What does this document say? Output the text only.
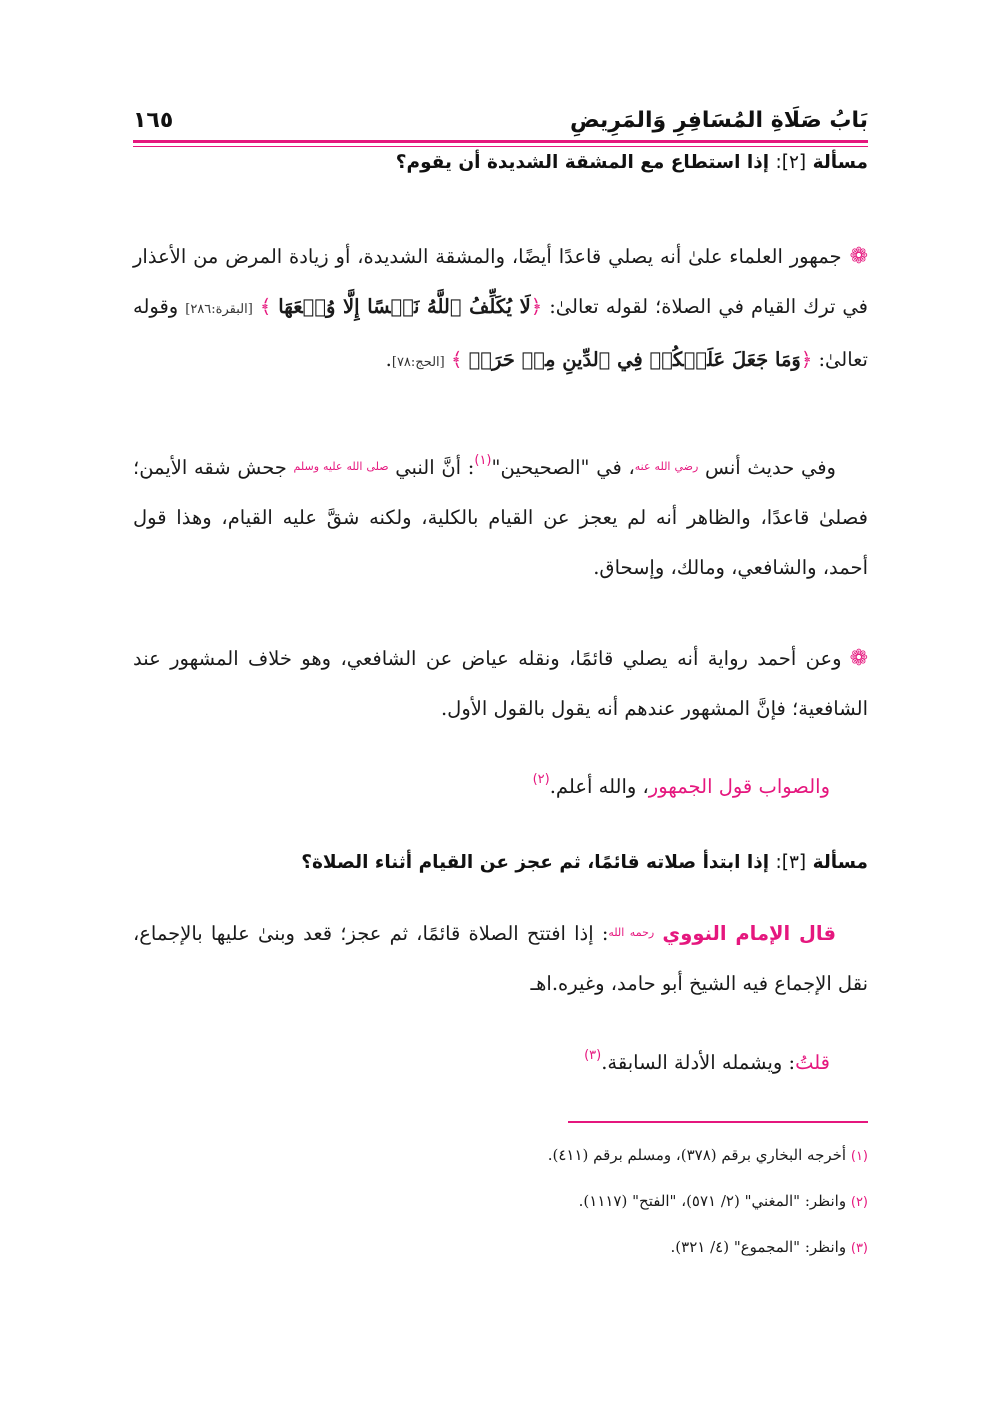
بَابُ صَلَاةِ المُسَافِرِ وَالمَرِيضِ
١٦٥
مسألة [٢]: إذا استطاع مع المشقة الشديدة أن يقوم؟
❁جمهور العلماء علىٰ أنه يصلي قاعدًا أيضًا، والمشقة الشديدة، أو زيادة المرض من الأعذار في ترك القيام في الصلاة؛ لقوله تعالىٰ: ﴿لَا يُكَلِّفُ ٱللَّهُ نَفۡسًا إِلَّا وُسۡعَهَا ﴾ [البقرة:٢٨٦] وقوله تعالىٰ: ﴿وَمَا جَعَلَ عَلَيۡكُمۡ فِي ٱلدِّينِ مِنۡ حَرَجٖ ﴾ [الحج:٧٨].
وفي حديث أنس $^{رضي الله عنه}$، في "الصحيحين"$^{(١)}$: أنَّ النبي $^{صلى الله عليه وسلم}$ جحش شقه الأيمن؛ فصلىٰ قاعدًا، والظاهر أنه لم يعجز عن القيام بالكلية، ولكنه شقَّ عليه القيام، وهذا قول أحمد، والشافعي، ومالك، وإسحاق.
❁وعن أحمد رواية أنه يصلي قائمًا، ونقله عياض عن الشافعي، وهو خلاف المشهور عند الشافعية؛ فإنَّ المشهور عندهم أنه يقول بالقول الأول.
والصواب قول الجمهور، والله أعلم.$^{(٢)}$
مسألة [٣]: إذا ابتدأ صلاته قائمًا، ثم عجز عن القيام أثناء الصلاة؟
قال الإمام النووي $^{رحمه الله}$: إذا افتتح الصلاة قائمًا، ثم عجز؛ قعد وبنىٰ عليها بالإجماع، نقل الإجماع فيه الشيخ أبو حامد، وغيره.اهـ
قلتُ: ويشمله الأدلة السابقة.$^{(٣)}$
(١) أخرجه البخاري برقم (٣٧٨)، ومسلم برقم (٤١١).
(٢) وانظر: "المغني" (٢/ ٥٧١)، "الفتح" (١١١٧).
(٣) وانظر: "المجموع" (٤/ ٣٢١).
